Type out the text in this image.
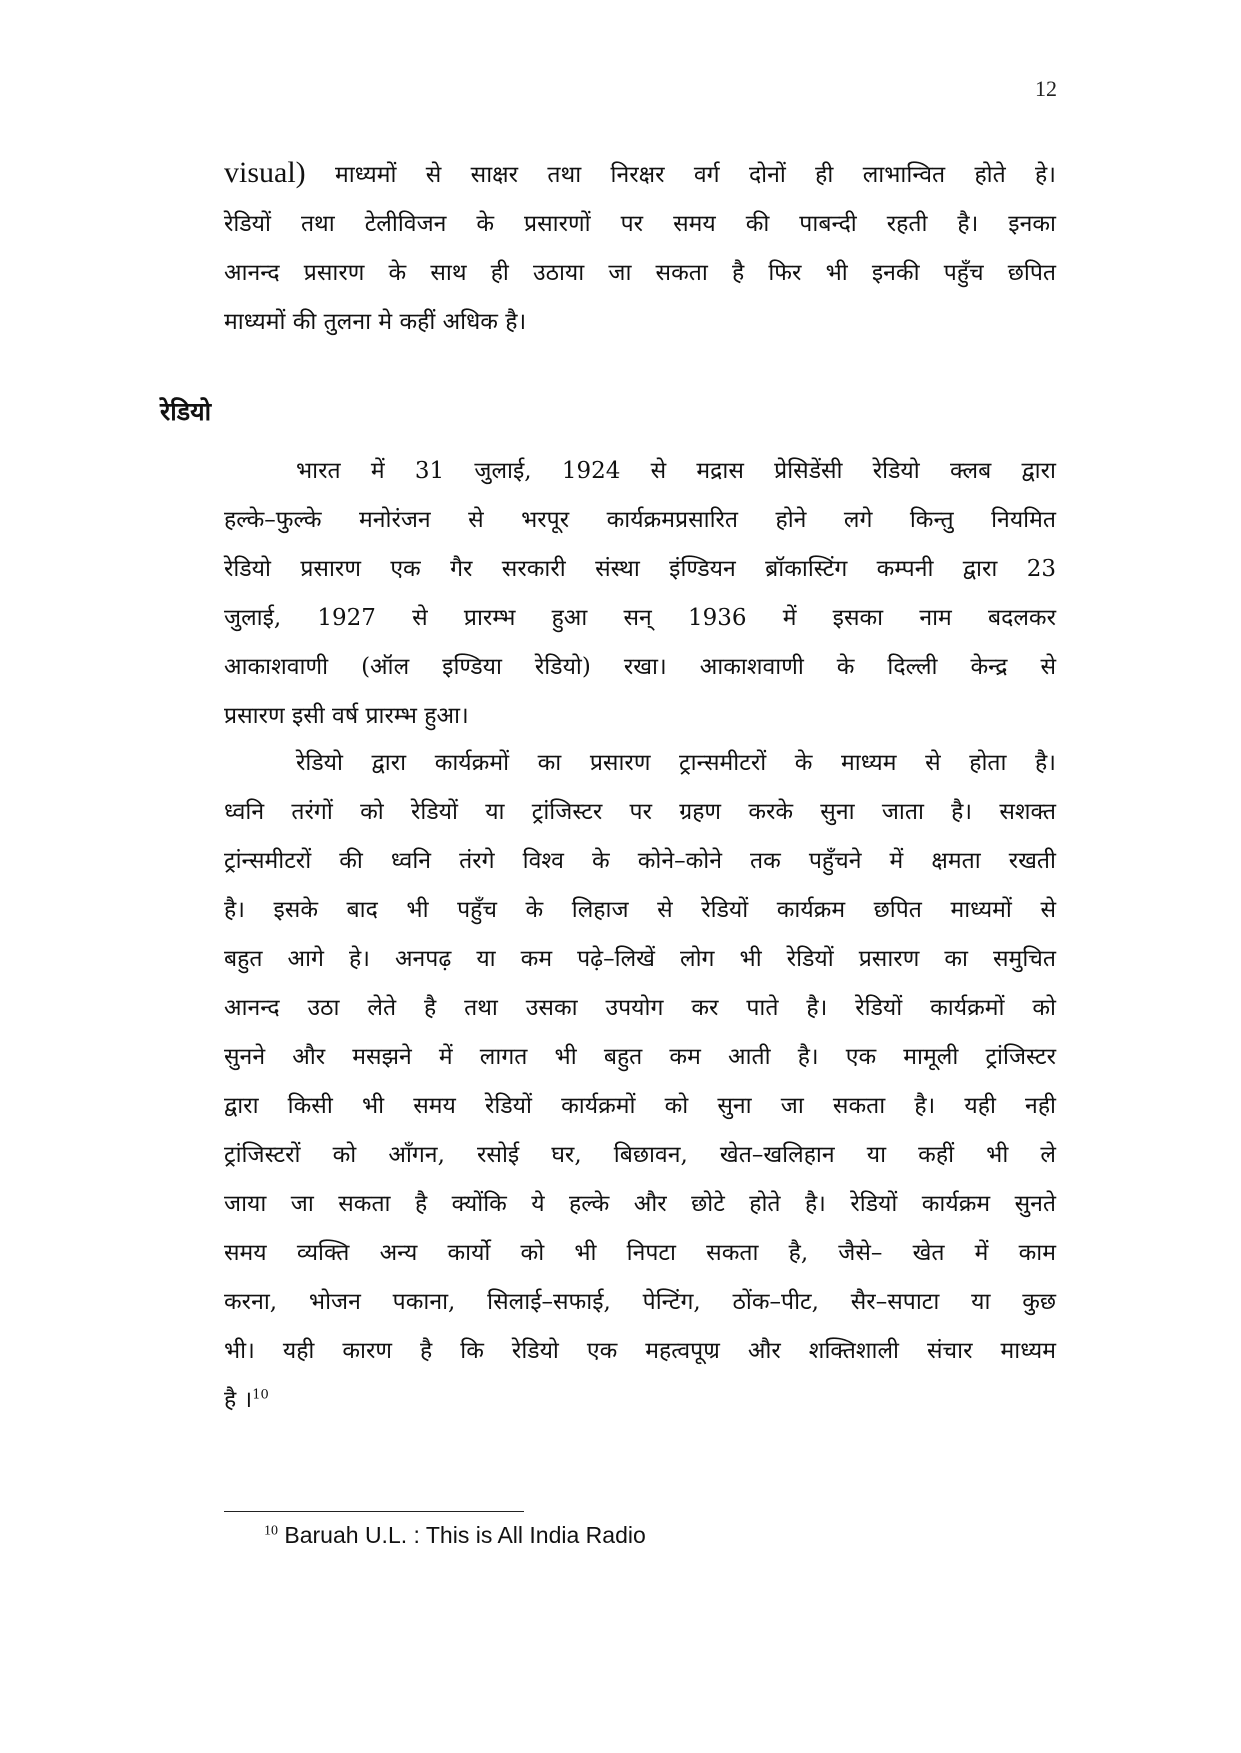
12
visual) माध्यमों से साक्षर तथा निरक्षर वर्ग दोनों ही लाभान्वित होते हे।
रेडियों तथा टेलीविजन के प्रसारणों पर समय की पाबन्दी रहती है। इनका
आनन्द प्रसारण के साथ ही उठाया जा सकता है फिर भी इनकी पहुँच छपित
माध्यमों की तुलना मे कहीं अधिक है।
रेडियो
भारत में 31 जुलाई, 1924 से मद्रास प्रेसिडेंसी रेडियो क्लब द्वारा
हल्के–फुल्के मनोरंजन से भरपूर कार्यक्रमप्रसारित होने लगे किन्तु नियमित
रेडियो प्रसारण एक गैर सरकारी संस्था इंण्डियन ब्रॉकास्टिंग कम्पनी द्वारा 23
जुलाई, 1927 से प्रारम्भ हुआ सन् 1936 में इसका नाम बदलकर
आकाशवाणी (ऑल इण्डिया रेडियो) रखा। आकाशवाणी के दिल्ली केन्द्र से
प्रसारण इसी वर्ष प्रारम्भ हुआ।
रेडियो द्वारा कार्यक्रमों का प्रसारण ट्रान्समीटरों के माध्यम से होता है।
ध्वनि तरंगों को रेडियों या ट्रांजिस्टर पर ग्रहण करके सुना जाता है। सशक्त
ट्रांन्समीटरों की ध्वनि तंरगे विश्व के कोने–कोने तक पहुँचने में क्षमता रखती
है। इसके बाद भी पहुँच के लिहाज से रेडियों कार्यक्रम छपित माध्यमों से
बहुत आगे हे। अनपढ़ या कम पढ़े–लिखें लोग भी रेडियों प्रसारण का समुचित
आनन्द उठा लेते है तथा उसका उपयोग कर पाते है। रेडियों कार्यक्रमों को
सुनने और मसझने में लागत भी बहुत कम आती है। एक मामूली ट्रांजिस्टर
द्वारा किसी भी समय रेडियों कार्यक्रमों को सुना जा सकता है। यही नही
ट्रांजिस्टरों को ऑंगन, रसोई घर, बिछावन, खेत–खलिहान या कहीं भी ले
जाया जा सकता है क्योंकि ये हल्के और छोटे होते है। रेडियों कार्यक्रम सुनते
समय व्यक्ति अन्य कार्यो को भी निपटा सकता है, जैसे– खेत में काम
करना, भोजन पकाना, सिलाई–सफाई, पेन्टिंग, ठोंक–पीट, सैर–सपाटा या कुछ
भी। यही कारण है कि रेडियो एक महत्वपूण्र और शक्तिशाली संचार माध्यम
है ।$^{10}$
$^{10}$ Baruah U.L. : This is All India Radio
